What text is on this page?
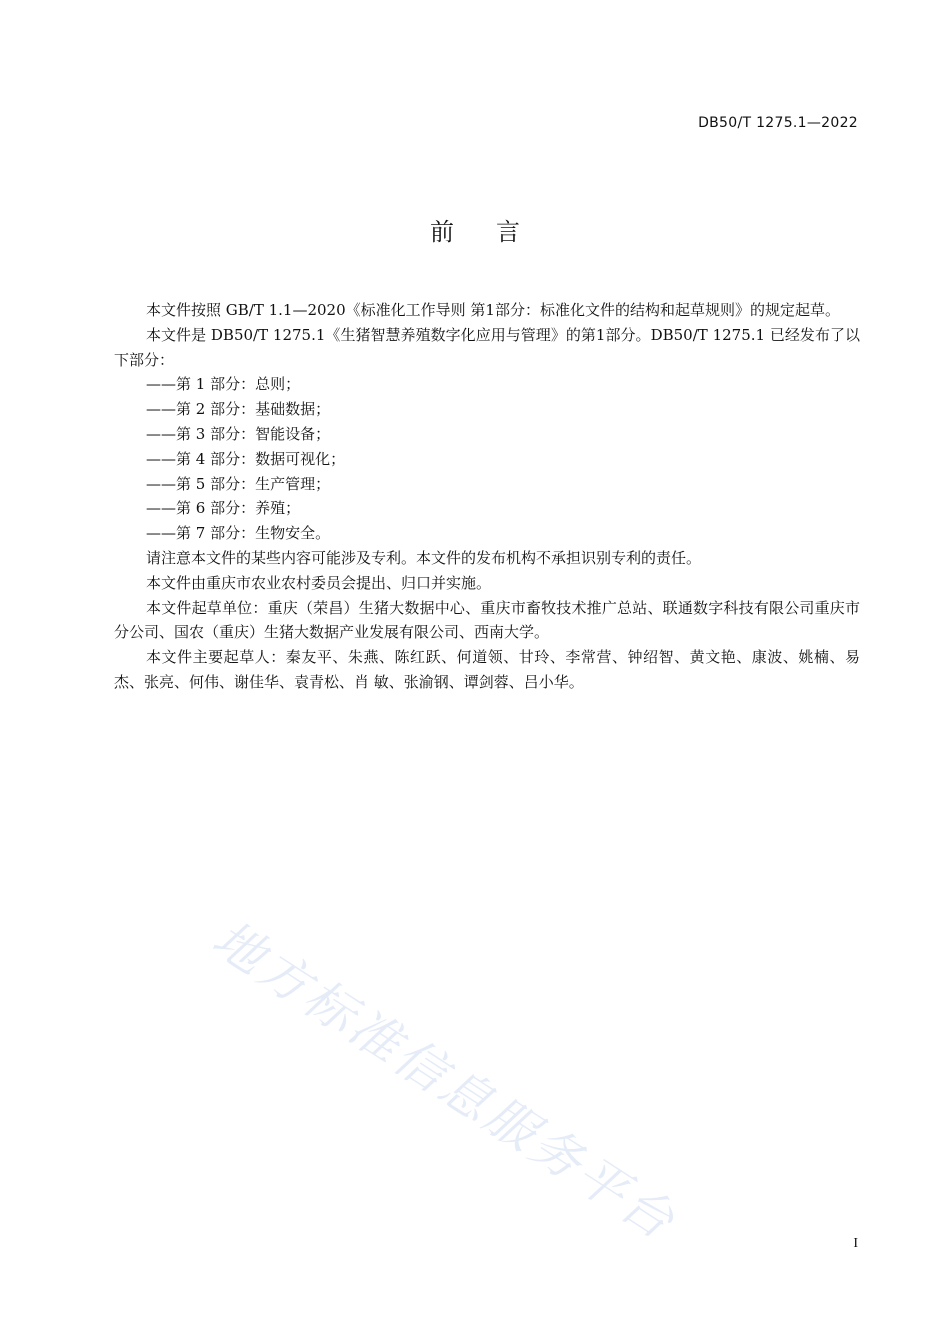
DB50/T 1275.1—2022
前言

本文件按照 GB/T 1.1—2020《标准化工作导则 第1部分：标准化文件的结构和起草规则》的规定起草。

本文件是 DB50/T 1275.1《生猪智慧养殖数字化应用与管理》的第1部分。DB50/T 1275.1 已经发布了以下部分：

——第 1 部分：总则；

——第 2 部分：基础数据；

——第 3 部分：智能设备；

——第 4 部分：数据可视化；

——第 5 部分：生产管理；

——第 6 部分：养殖；

——第 7 部分：生物安全。

请注意本文件的某些内容可能涉及专利。本文件的发布机构不承担识别专利的责任。

本文件由重庆市农业农村委员会提出、归口并实施。

本文件起草单位：重庆（荣昌）生猪大数据中心、重庆市畜牧技术推广总站、联通数字科技有限公司重庆市分公司、国农（重庆）生猪大数据产业发展有限公司、西南大学。

本文件主要起草人：秦友平、朱燕、陈红跃、何道领、甘玲、李常营、钟绍智、黄文艳、康波、姚楠、易杰、张亮、何伟、谢佳华、袁青松、肖 敏、张渝钢、谭剑蓉、吕小华。

地方标准信息服务平台	I
